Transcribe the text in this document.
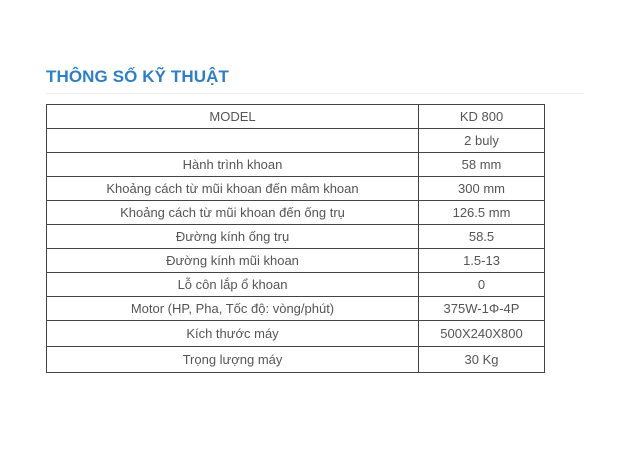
THÔNG SỐ KỸ THUẬT
MODEL	KD 800
	2 buly
Hành trình khoan	58 mm
Khoảng cách từ mũi khoan đến mâm khoan	300 mm
Khoảng cách từ mũi khoan đến ống trụ	126.5 mm
Đường kính ống trụ	58.5
Đường kính mũi khoan	1.5-13
Lỗ côn lắp ổ khoan	0
Motor (HP, Pha, Tốc độ: vòng/phút)	375W-1Φ-4P
Kích thước máy	500X240X800
Trọng lượng máy	30 Kg
